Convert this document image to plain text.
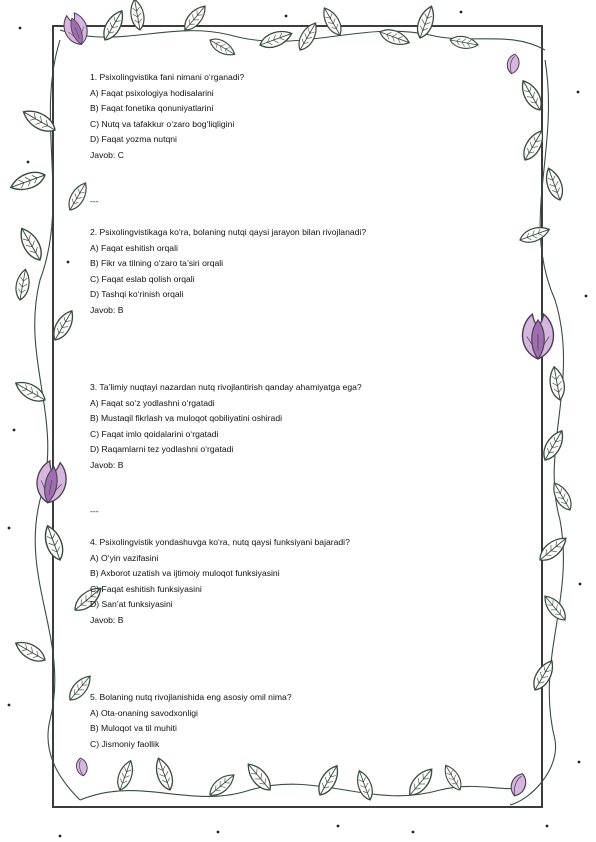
1. Psixolingvistika fani nimani o‘rganadi?
A) Faqat psixologiya hodisalarini
B) Faqat fonetika qonuniyatlarini
C) Nutq va tafakkur o‘zaro bog‘liqligini
D) Faqat yozma nutqni
Javob: C
---
2. Psixolingvistikaga ko‘ra, bolaning nutqi qaysi jarayon bilan rivojlanadi?
A) Faqat eshitish orqali
B) Fikr va tilning o‘zaro ta’siri orqali
C) Faqat eslab qolish orqali
D) Tashqi ko‘rinish orqali
Javob: B
3. Ta’limiy nuqtayi nazardan nutq rivojlantirish qanday ahamiyatga ega?
A) Faqat so‘z yodlashni o‘rgatadi
B) Mustaqil fikrlash va muloqot qobiliyatini oshiradi
C) Faqat imlo qoidalarini o‘rgatadi
D) Raqamlarni tez yodlashni o‘rgatadi
Javob: B
---
4. Psixolingvistik yondashuvga ko‘ra, nutq qaysi funksiyani bajaradi?
A) O‘yin vazifasini
B) Axborot uzatish va ijtimoiy muloqot funksiyasini
C) Faqat eshitish funksiyasini
D) San’at funksiyasini
Javob: B
5. Bolaning nutq rivojlanishida eng asosiy omil nima?
A) Ota-onaning savodxonligi
B) Muloqot va til muhiti
C) Jismoniy faollik
